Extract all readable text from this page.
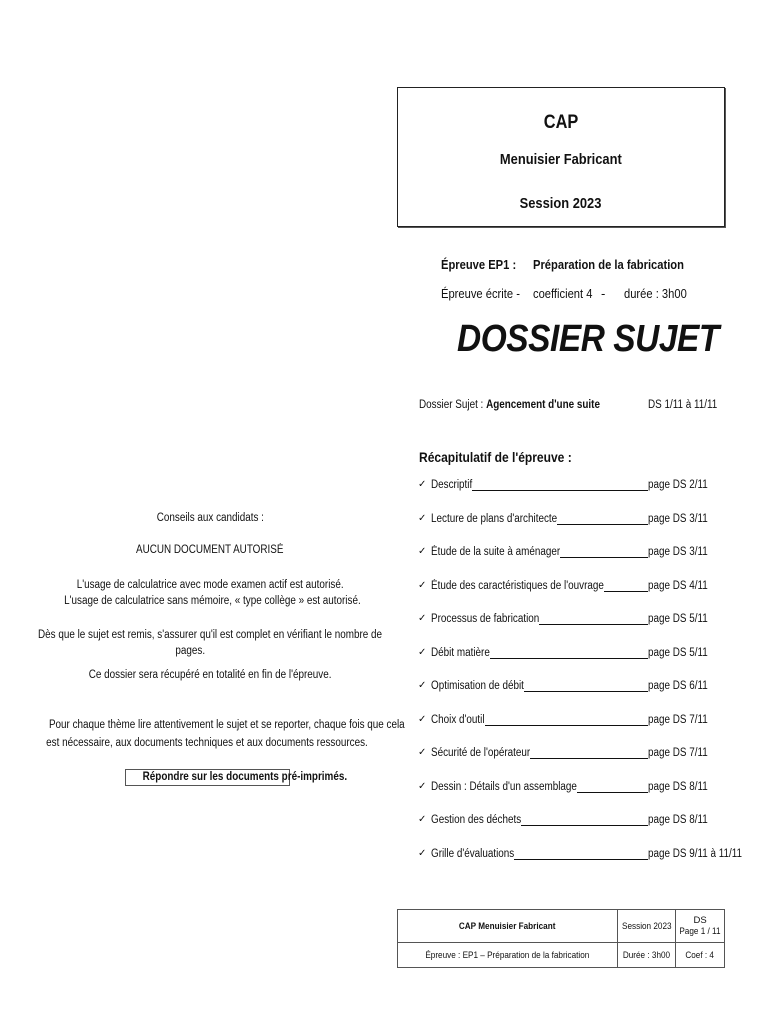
CAP
Menuisier Fabricant
Session 2023
Épreuve EP1 :	Préparation de la fabrication
Épreuve écrite -	coefficient 4 - durée : 3h00
DOSSIER SUJET
Dossier Sujet : Agencement d'une suite	DS 1/11 à 11/11
Récapitulatif de l'épreuve :
✓ Descriptif	page DS 2/11
✓ Lecture de plans d'architecte	page DS 3/11
✓ Étude de la suite à aménager	page DS 3/11
✓ Étude des caractéristiques de l'ouvrage	page DS 4/11
✓ Processus de fabrication	page DS 5/11
✓ Débit matière	page DS 5/11
✓ Optimisation de débit	page DS 6/11
✓ Choix d'outil	page DS 7/11
✓ Sécurité de l'opérateur	page DS 7/11
✓ Dessin : Détails d'un assemblage	page DS 8/11
✓ Gestion des déchets	page DS 8/11
✓ Grille d'évaluations	page DS 9/11 à 11/11
Conseils aux candidats :
AUCUN DOCUMENT AUTORISÉ
L'usage de calculatrice avec mode examen actif est autorisé.
L'usage de calculatrice sans mémoire, « type collège » est autorisé.
Dès que le sujet est remis, s'assurer qu'il est complet en vérifiant le nombre de
pages.
Ce dossier sera récupéré en totalité en fin de l'épreuve.
Pour chaque thème lire attentivement le sujet et se reporter, chaque fois que cela
est nécessaire, aux documents techniques et aux documents ressources.
Répondre sur les documents pré-imprimés.
CAP Menuisier Fabricant	Session 2023	DS
Page 1 / 11

Épreuve : EP1 – Préparation de la fabrication	Durée : 3h00	Coef : 4
